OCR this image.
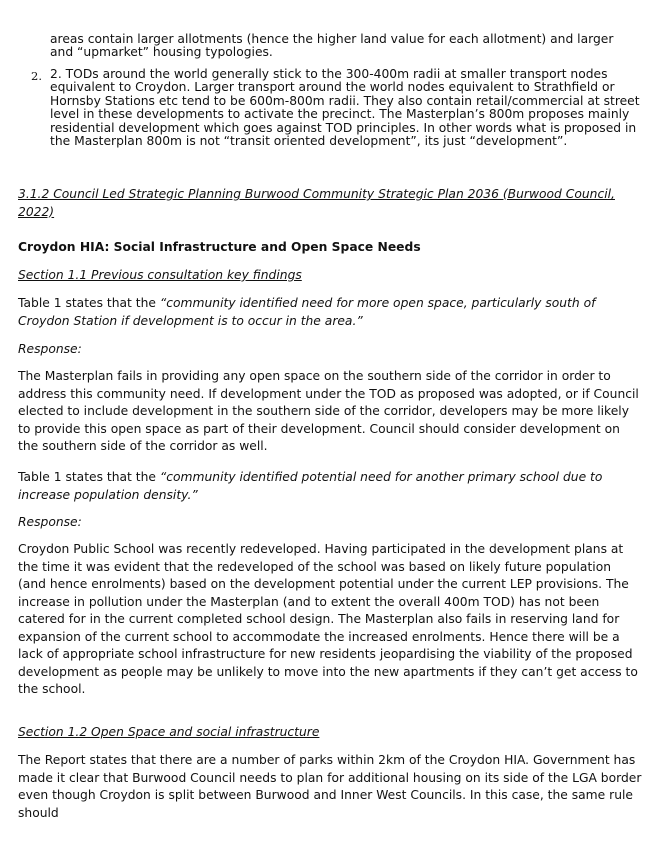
areas contain larger allotments (hence the higher land value for each allotment) and larger and “upmarket” housing typologies.

2. 2. TODs around the world generally stick to the 300-400m radii at smaller transport nodes equivalent to Croydon. Larger transport around the world nodes equivalent to Strathfield or Hornsby Stations etc tend to be 600m-800m radii. They also contain retail/commercial at street level in these developments to activate the precinct. The Masterplan’s 800m proposes mainly residential development which goes against TOD principles. In other words what is proposed in the Masterplan 800m is not “transit oriented development”, its just “development”.

3.1.2 Council Led Strategic Planning Burwood Community Strategic Plan 2036 (Burwood Council, 2022)

Croydon HIA: Social Infrastructure and Open Space Needs

Section 1.1 Previous consultation key findings

Table 1 states that the “community identified need for more open space, particularly south of Croydon Station if development is to occur in the area.”

Response:

The Masterplan fails in providing any open space on the southern side of the corridor in order to address this community need. If development under the TOD as proposed was adopted, or if Council elected to include development in the southern side of the corridor, developers may be more likely to provide this open space as part of their development. Council should consider development on the southern side of the corridor as well.

Table 1 states that the “community identified potential need for another primary school due to increase population density.”

Response:

Croydon Public School was recently redeveloped. Having participated in the development plans at the time it was evident that the redeveloped of the school was based on likely future population (and hence enrolments) based on the development potential under the current LEP provisions. The increase in pollution under the Masterplan (and to extent the overall 400m TOD) has not been catered for in the current completed school design. The Masterplan also fails in reserving land for expansion of the current school to accommodate the increased enrolments. Hence there will be a lack of appropriate school infrastructure for new residents jeopardising the viability of the proposed development as people may be unlikely to move into the new apartments if they can’t get access to the school.

Section 1.2 Open Space and social infrastructure

The Report states that there are a number of parks within 2km of the Croydon HIA. Government has made it clear that Burwood Council needs to plan for additional housing on its side of the LGA border even though Croydon is split between Burwood and Inner West Councils. In this case, the same rule should
